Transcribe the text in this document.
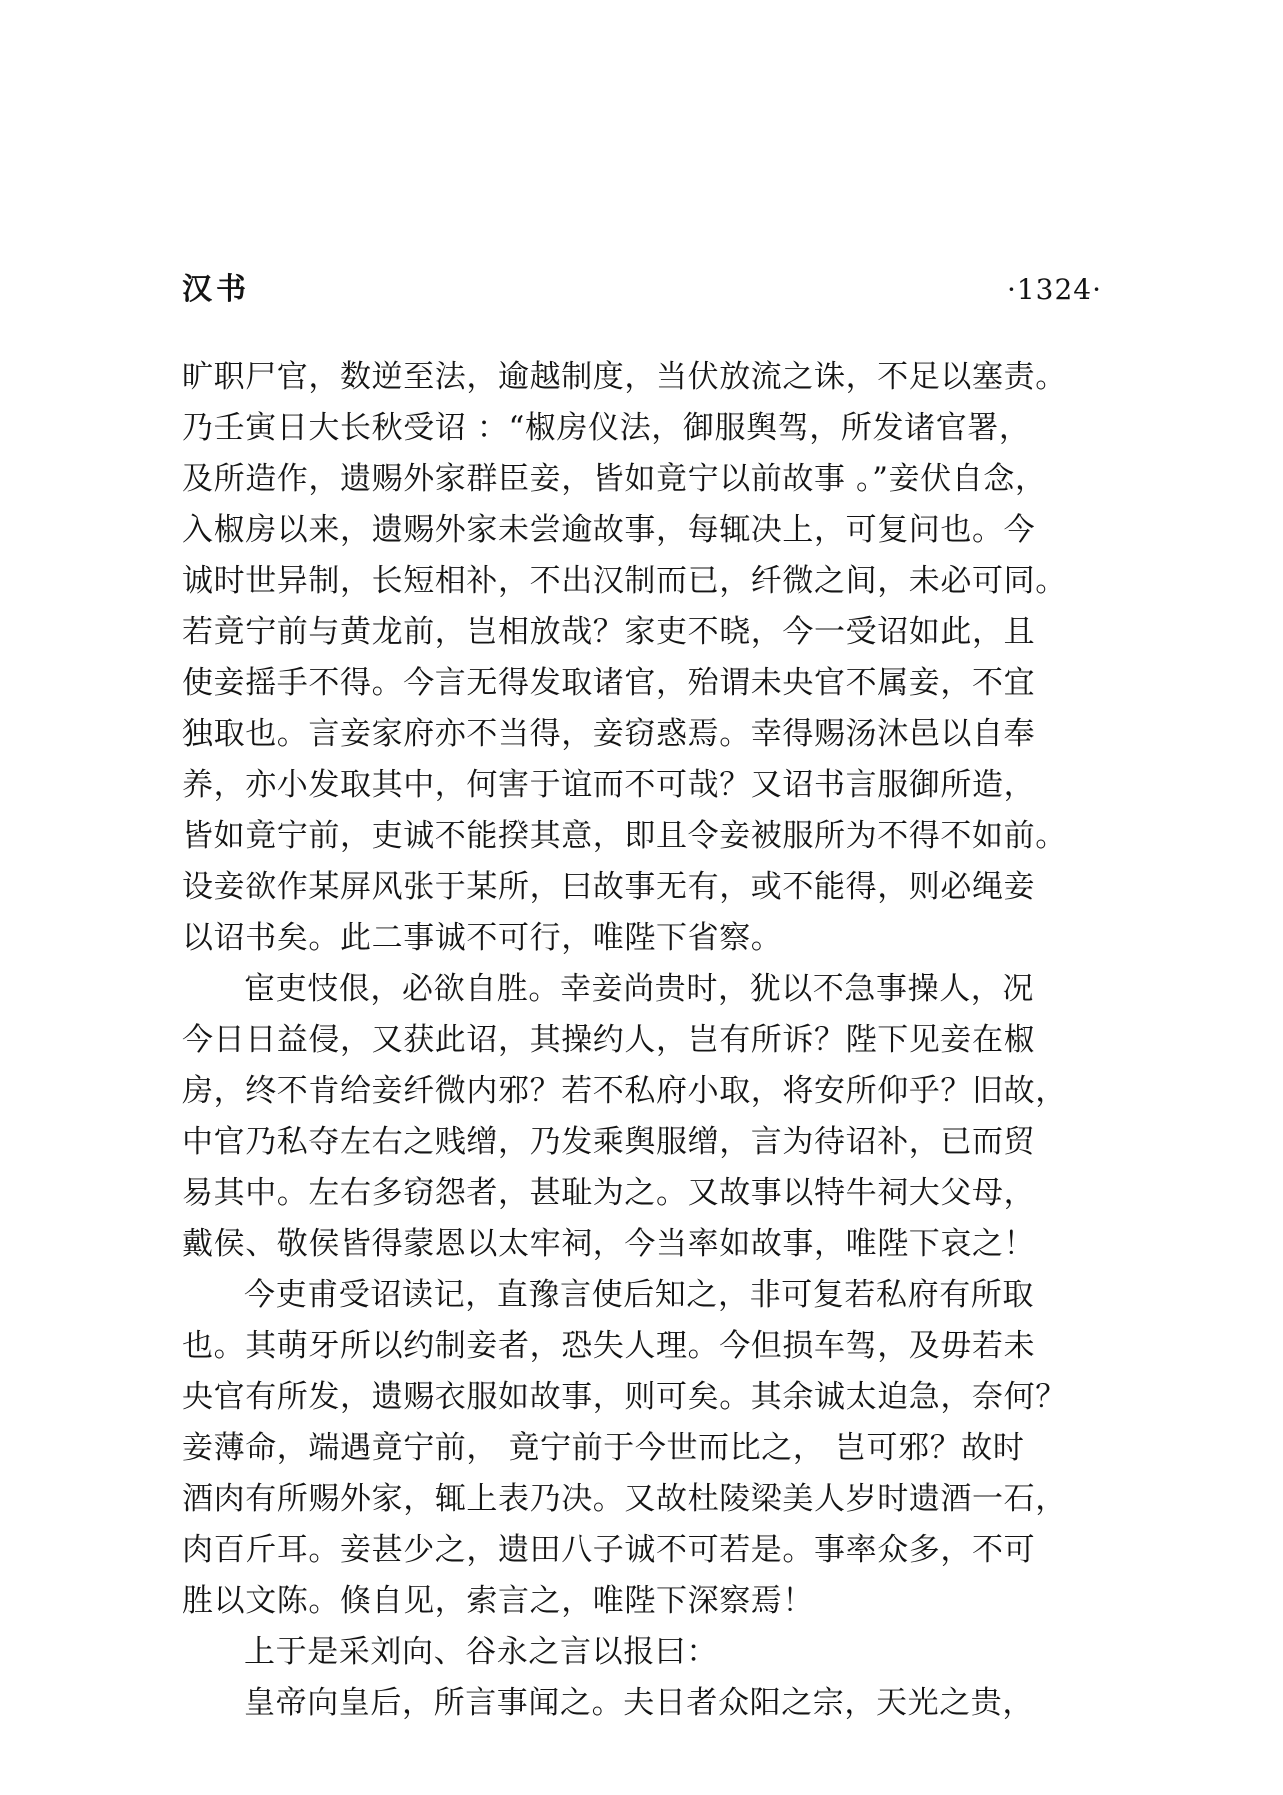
汉书	·1324·
旷职尸官，数逆至法，逾越制度，当伏放流之诛，不足以塞责。
乃壬寅日大长秋受诏 ：“椒房仪法，御服舆驾，所发诸官署，
及所造作，遗赐外家群臣妾，皆如竟宁以前故事 。”妾伏自念，
入椒房以来，遗赐外家未尝逾故事，每辄决上，可复问也。今
诚时世异制，长短相补，不出汉制而已，纤微之间，未必可同。
若竟宁前与黄龙前，岂相放哉？家吏不晓，今一受诏如此，且
使妾摇手不得。今言无得发取诸官，殆谓未央官不属妾，不宜
独取也。言妾家府亦不当得，妾窃惑焉。幸得赐汤沐邑以自奉
养，亦小发取其中，何害于谊而不可哉？又诏书言服御所造，
皆如竟宁前，吏诚不能揆其意，即且令妾被服所为不得不如前。
设妾欲作某屏风张于某所，曰故事无有，或不能得，则必绳妾
以诏书矣。此二事诚不可行，唯陛下省察。
宦吏忮佷，必欲自胜。幸妾尚贵时，犹以不急事操人，况
今日日益侵，又获此诏，其操约人，岂有所诉？陛下见妾在椒
房，终不肯给妾纤微内邪？若不私府小取，将安所仰乎？旧故，
中官乃私夺左右之贱缯，乃发乘舆服缯，言为待诏补，已而贸
易其中。左右多窃怨者，甚耻为之。又故事以特牛祠大父母，
戴侯、敬侯皆得蒙恩以太牢祠，今当率如故事，唯陛下哀之！
今吏甫受诏读记，直豫言使后知之，非可复若私府有所取
也。其萌牙所以约制妾者，恐失人理。今但损车驾，及毋若未
央官有所发，遗赐衣服如故事，则可矣。其余诚太迫急，奈何？
妾薄命，端遇竟宁前， 竟宁前于今世而比之， 岂可邪？故时
酒肉有所赐外家，辄上表乃决。又故杜陵梁美人岁时遗酒一石，
肉百斤耳。妾甚少之，遗田八子诚不可若是。事率众多，不可
胜以文陈。倏自见，索言之，唯陛下深察焉！
上于是采刘向、谷永之言以报曰：
皇帝向皇后，所言事闻之。夫日者众阳之宗，天光之贵，
